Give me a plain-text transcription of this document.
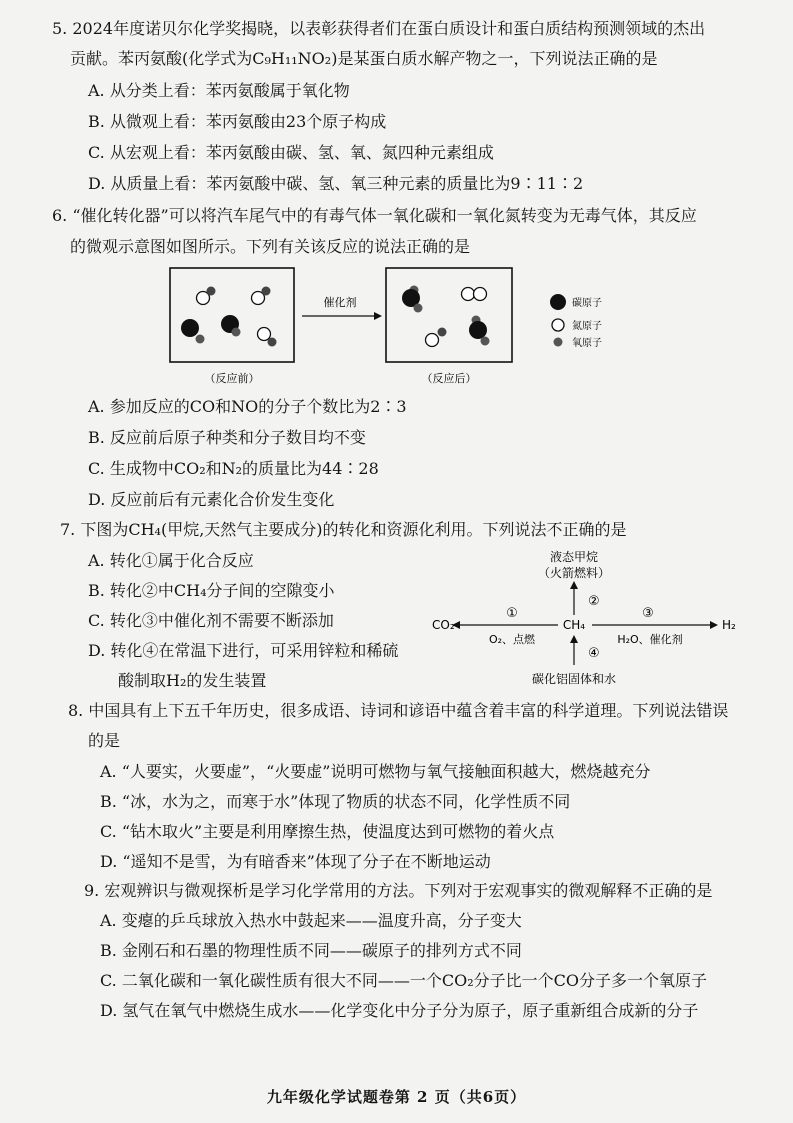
5. 2024年度诺贝尔化学奖揭晓，以表彰获得者们在蛋白质设计和蛋白质结构预测领域的杰出
贡献。苯丙氨酸(化学式为C₉H₁₁NO₂)是某蛋白质水解产物之一，下列说法正确的是
A. 从分类上看：苯丙氨酸属于氧化物
B. 从微观上看：苯丙氨酸由23个原子构成
C. 从宏观上看：苯丙氨酸由碳、氢、氧、氮四种元素组成
D. 从质量上看：苯丙氨酸中碳、氢、氧三种元素的质量比为9∶11∶2
6. “催化转化器”可以将汽车尾气中的有毒气体一氧化碳和一氧化氮转变为无毒气体，其反应
的微观示意图如图所示。下列有关该反应的说法正确的是
催化剂	碳原子
氮原子
氧原子
（反应前）	（反应后）
A. 参加反应的CO和NO的分子个数比为2∶3
B. 反应前后原子种类和分子数目均不变
C. 生成物中CO₂和N₂的质量比为44∶28
D. 反应前后有元素化合价发生变化
7. 下图为CH₄(甲烷,天然气主要成分)的转化和资源化利用。下列说法不正确的是
A. 转化①属于化合反应
B. 转化②中CH₄分子间的空隙变小
C. 转化③中催化剂不需要不断添加
D. 转化④在常温下进行，可采用锌粒和稀硫
酸制取H₂的发生装置
液态甲烷
（火箭燃料）
②
CH₄
CO₂
①
O₂、点燃
H₂
③
H₂O、催化剂
④
碳化铝固体和水
8. 中国具有上下五千年历史，很多成语、诗词和谚语中蕴含着丰富的科学道理。下列说法错误
的是
A. “人要实，火要虚”，“火要虚”说明可燃物与氧气接触面积越大，燃烧越充分
B. “冰，水为之，而寒于水”体现了物质的状态不同，化学性质不同
C. “钻木取火”主要是利用摩擦生热，使温度达到可燃物的着火点
D. “遥知不是雪，为有暗香来”体现了分子在不断地运动
9. 宏观辨识与微观探析是学习化学常用的方法。下列对于宏观事实的微观解释不正确的是
A. 变瘪的乒乓球放入热水中鼓起来——温度升高，分子变大
B. 金刚石和石墨的物理性质不同——碳原子的排列方式不同
C. 二氧化碳和一氧化碳性质有很大不同——一个CO₂分子比一个CO分子多一个氧原子
D. 氢气在氧气中燃烧生成水——化学变化中分子分为原子，原子重新组合成新的分子
九年级化学试题卷第 2 页（共6页）
